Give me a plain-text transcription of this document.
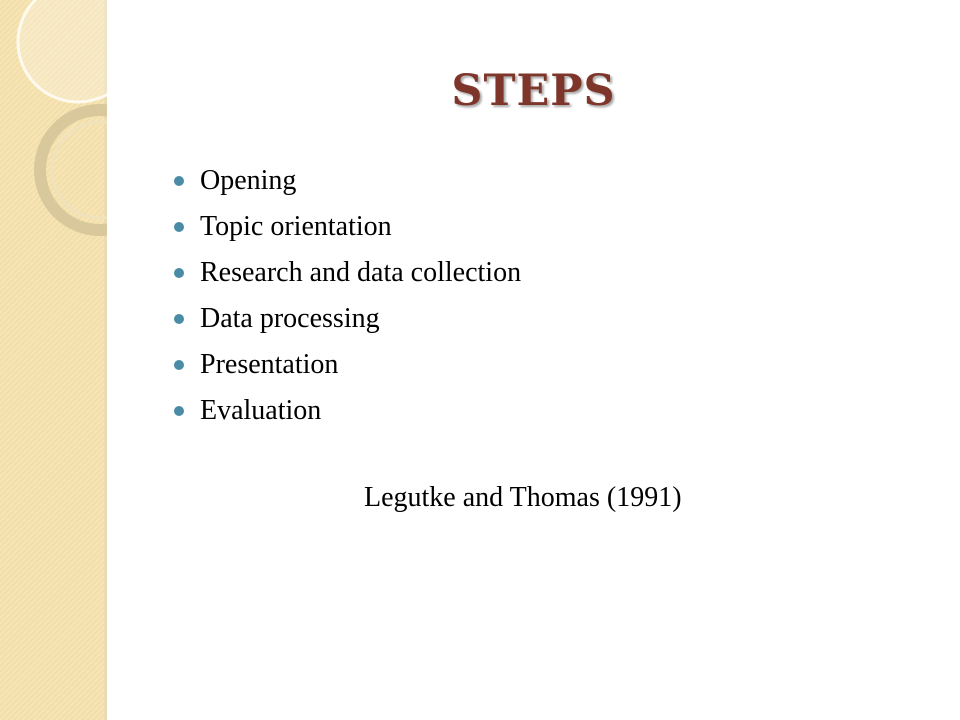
STEPS
Opening
Topic orientation
Research and data collection
Data processing
Presentation
Evaluation
Legutke and Thomas (1991)
